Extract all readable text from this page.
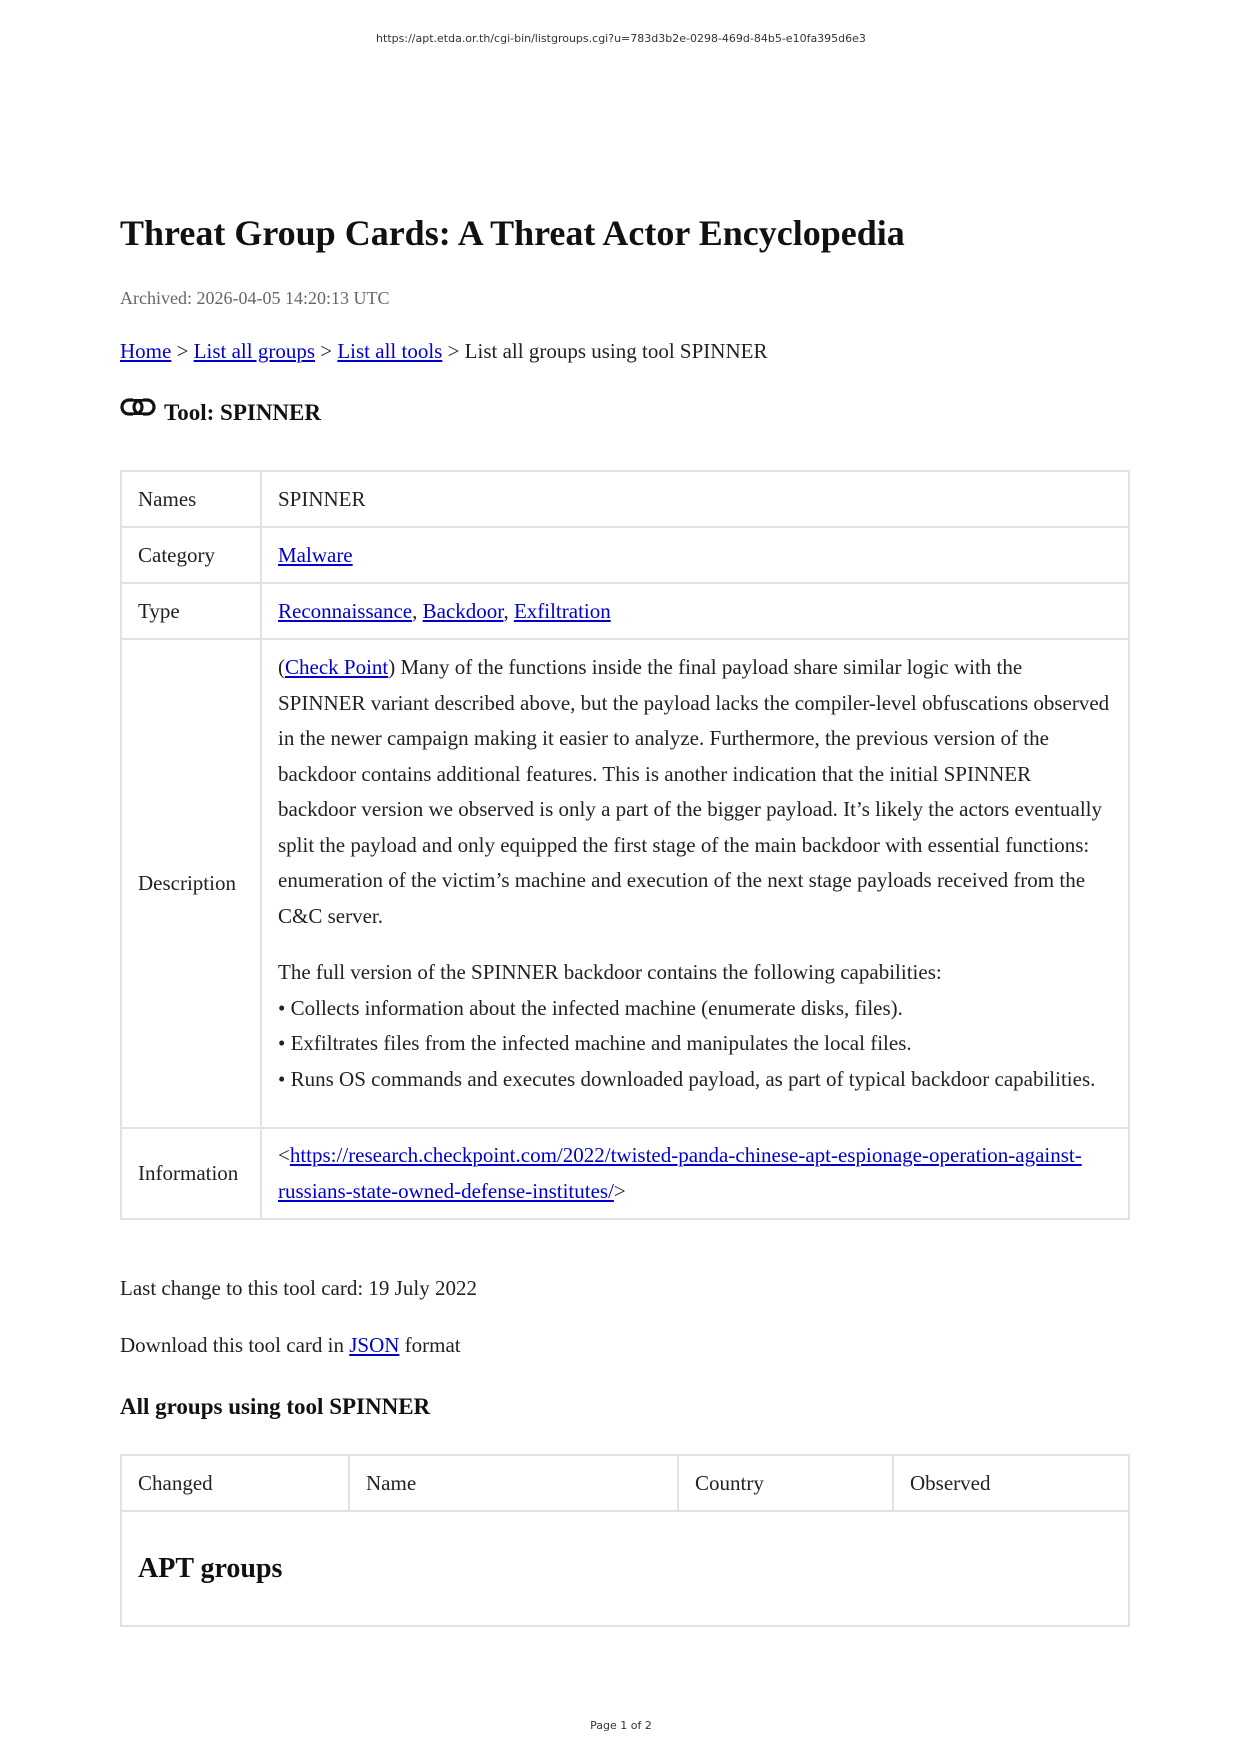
https://apt.etda.or.th/cgi-bin/listgroups.cgi?u=783d3b2e-0298-469d-84b5-e10fa395d6e3
Threat Group Cards: A Threat Actor Encyclopedia
Archived: 2026-04-05 14:20:13 UTC
Home > List all groups > List all tools > List all groups using tool SPINNER
Tool: SPINNER
Names	SPINNER
Category	Malware
Type	Reconnaissance, Backdoor, Exfiltration
Description	(Check Point) Many of the functions inside the final payload share similar logic with the SPINNER variant described above, but the payload lacks the compiler-level obfuscations observed in the newer campaign making it easier to analyze. Furthermore, the previous version of the backdoor contains additional features. This is another indication that the initial SPINNER backdoor version we observed is only a part of the bigger payload. It’s likely the actors eventually split the payload and only equipped the first stage of the main backdoor with essential functions: enumeration of the victim’s machine and execution of the next stage payloads received from the C&C server.

The full version of the SPINNER backdoor contains the following capabilities:
• Collects information about the infected machine (enumerate disks, files).
• Exfiltrates files from the infected machine and manipulates the local files.
• Runs OS commands and executes downloaded payload, as part of typical backdoor capabilities.

Information	<https://research.checkpoint.com/2022/twisted-panda-chinese-apt-espionage-operation-against-russians-state-owned-defense-institutes/>

Last change to this tool card: 19 July 2022
Download this tool card in JSON format
All groups using tool SPINNER
Changed	Name	Country	Observed
APT groups
Page 1 of 2
